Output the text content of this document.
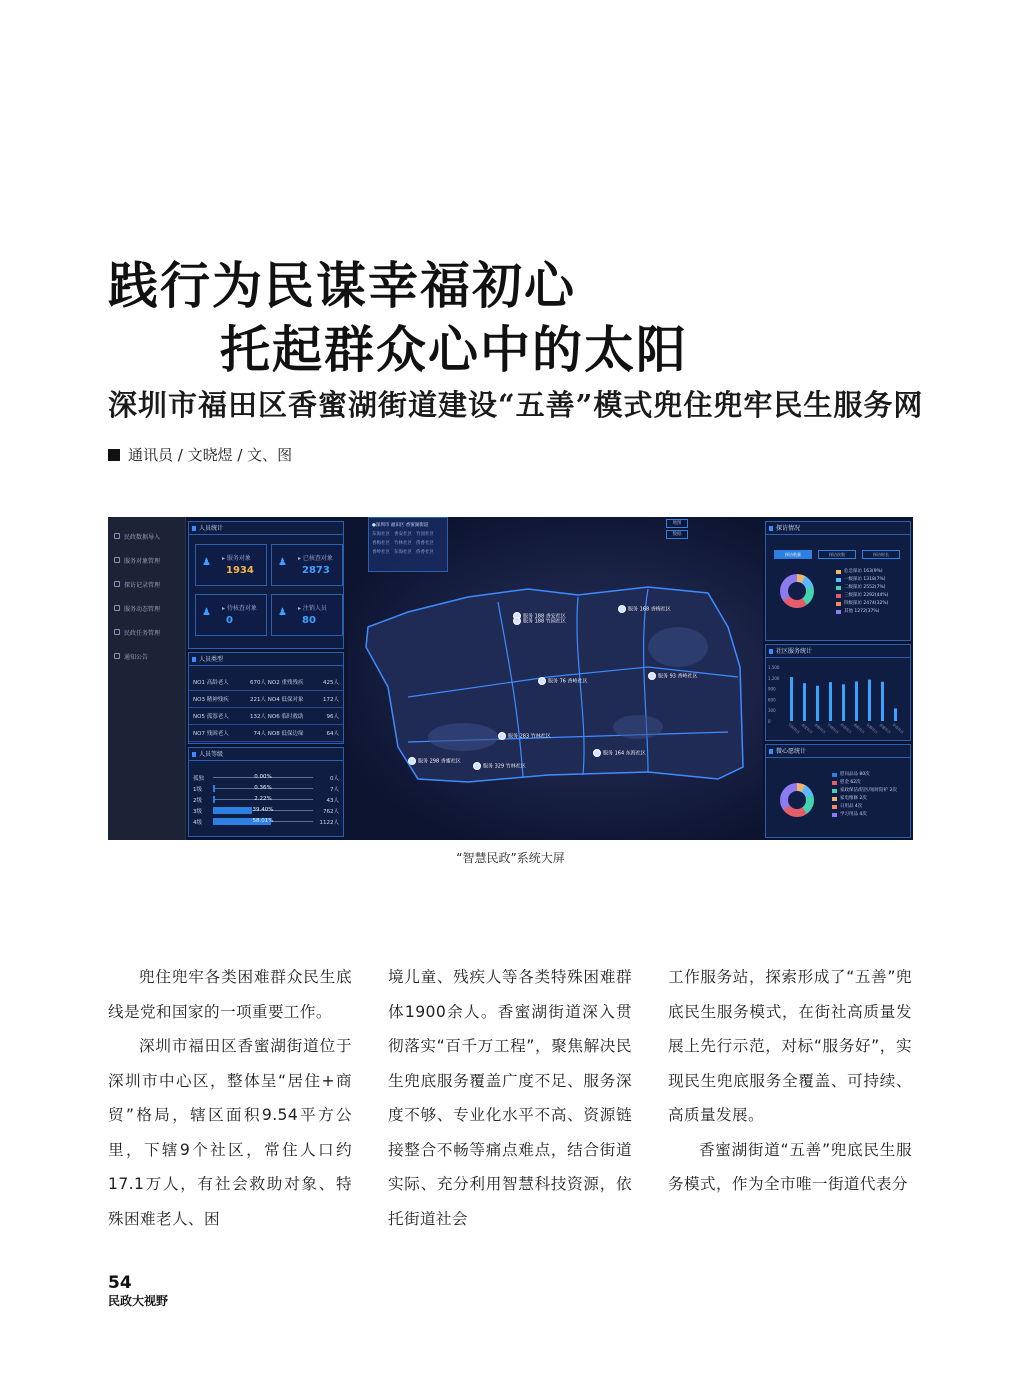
践行为民谋幸福初心
托起群众心中的太阳
深圳市福田区香蜜湖街道建设“五善”模式兜住兜牢民生服务网
通讯员 / 文晓煜 / 文、图
民政数据导入
服务对象管理
探访记录管理
服务动态管理
民政任务管理
通知公告
人员统计
♟	▸ 服务对象
1934
♟	▸ 已核查对象
2873
♟	▸ 待核查对象
0
♟	▸ 注销人员
80
人员类型
NO1 高龄老人	670人 NO2 重残残疾	425人
NO3 精神残疾	221人 NO4 低保对象	172人
NO5 孤寡老人	132人 NO6 临时救助	96人
NO7 残困老人	74人 NO8 低保边缘	64人
人员等级
孤独	0.00%	0人
1级	0.36%	7人
2级	2.22%	43人
3级	39.40%	762人
4级	58.01%	1122人
●深圳市 福田区 香蜜湖街道
东海社区 香安社区 竹园社区
香梅社区 竹林社区 侨香社区
香岭社区 东海社区 侨香社区
地图
数据
服务 188 香安社区
服务 188 竹园社区
服务 168 香梅社区
服务 76 香岭社区
服务 93 香岭社区
服务 283 竹林社区
服务 164 东海社区
服务 298 香蜜社区
服务 329 竹林社区
探访情况
探访数量	探访次数	探访时长
危急探访 163(9%)
一级探访 1318(7%)
二级探访 2552(7%)
三级探访 2292(44%)
四级探访 2474(32%)
其他 1272(37%)
社区服务统计
1,500
1,200
900
600
300
0
竹园社区 香安社区 香梅社区 竹林社区 侨香社区 香岭社区 东海社区 香蜜社区 侨香社区
微心愿统计
慰问品品 80次
慰金 62次
家政保洁/陪医/短时陪护 2次
家电维修 2次
日用品 4次
学习用品 4次
“智慧民政”系统大屏

兜住兜牢各类困难群众民生底线是党和国家的一项重要工作。

深圳市福田区香蜜湖街道位于深圳市中心区，整体呈“居住+商贸”格局，辖区面积9.54平方公里，下辖9个社区，常住人口约17.1万人，有社会救助对象、特殊困难老人、困

境儿童、残疾人等各类特殊困难群体1900余人。香蜜湖街道深入贯彻落实“百千万工程”，聚焦解决民生兜底服务覆盖广度不足、服务深度不够、专业化水平不高、资源链接整合不畅等痛点难点，结合街道实际、充分利用智慧科技资源，依托街道社会

工作服务站，探索形成了“五善”兜底民生服务模式，在街社高质量发展上先行示范，对标“服务好”，实现民生兜底服务全覆盖、可持续、高质量发展。

香蜜湖街道“五善”兜底民生服务模式，作为全市唯一街道代表分

54
民政大视野
